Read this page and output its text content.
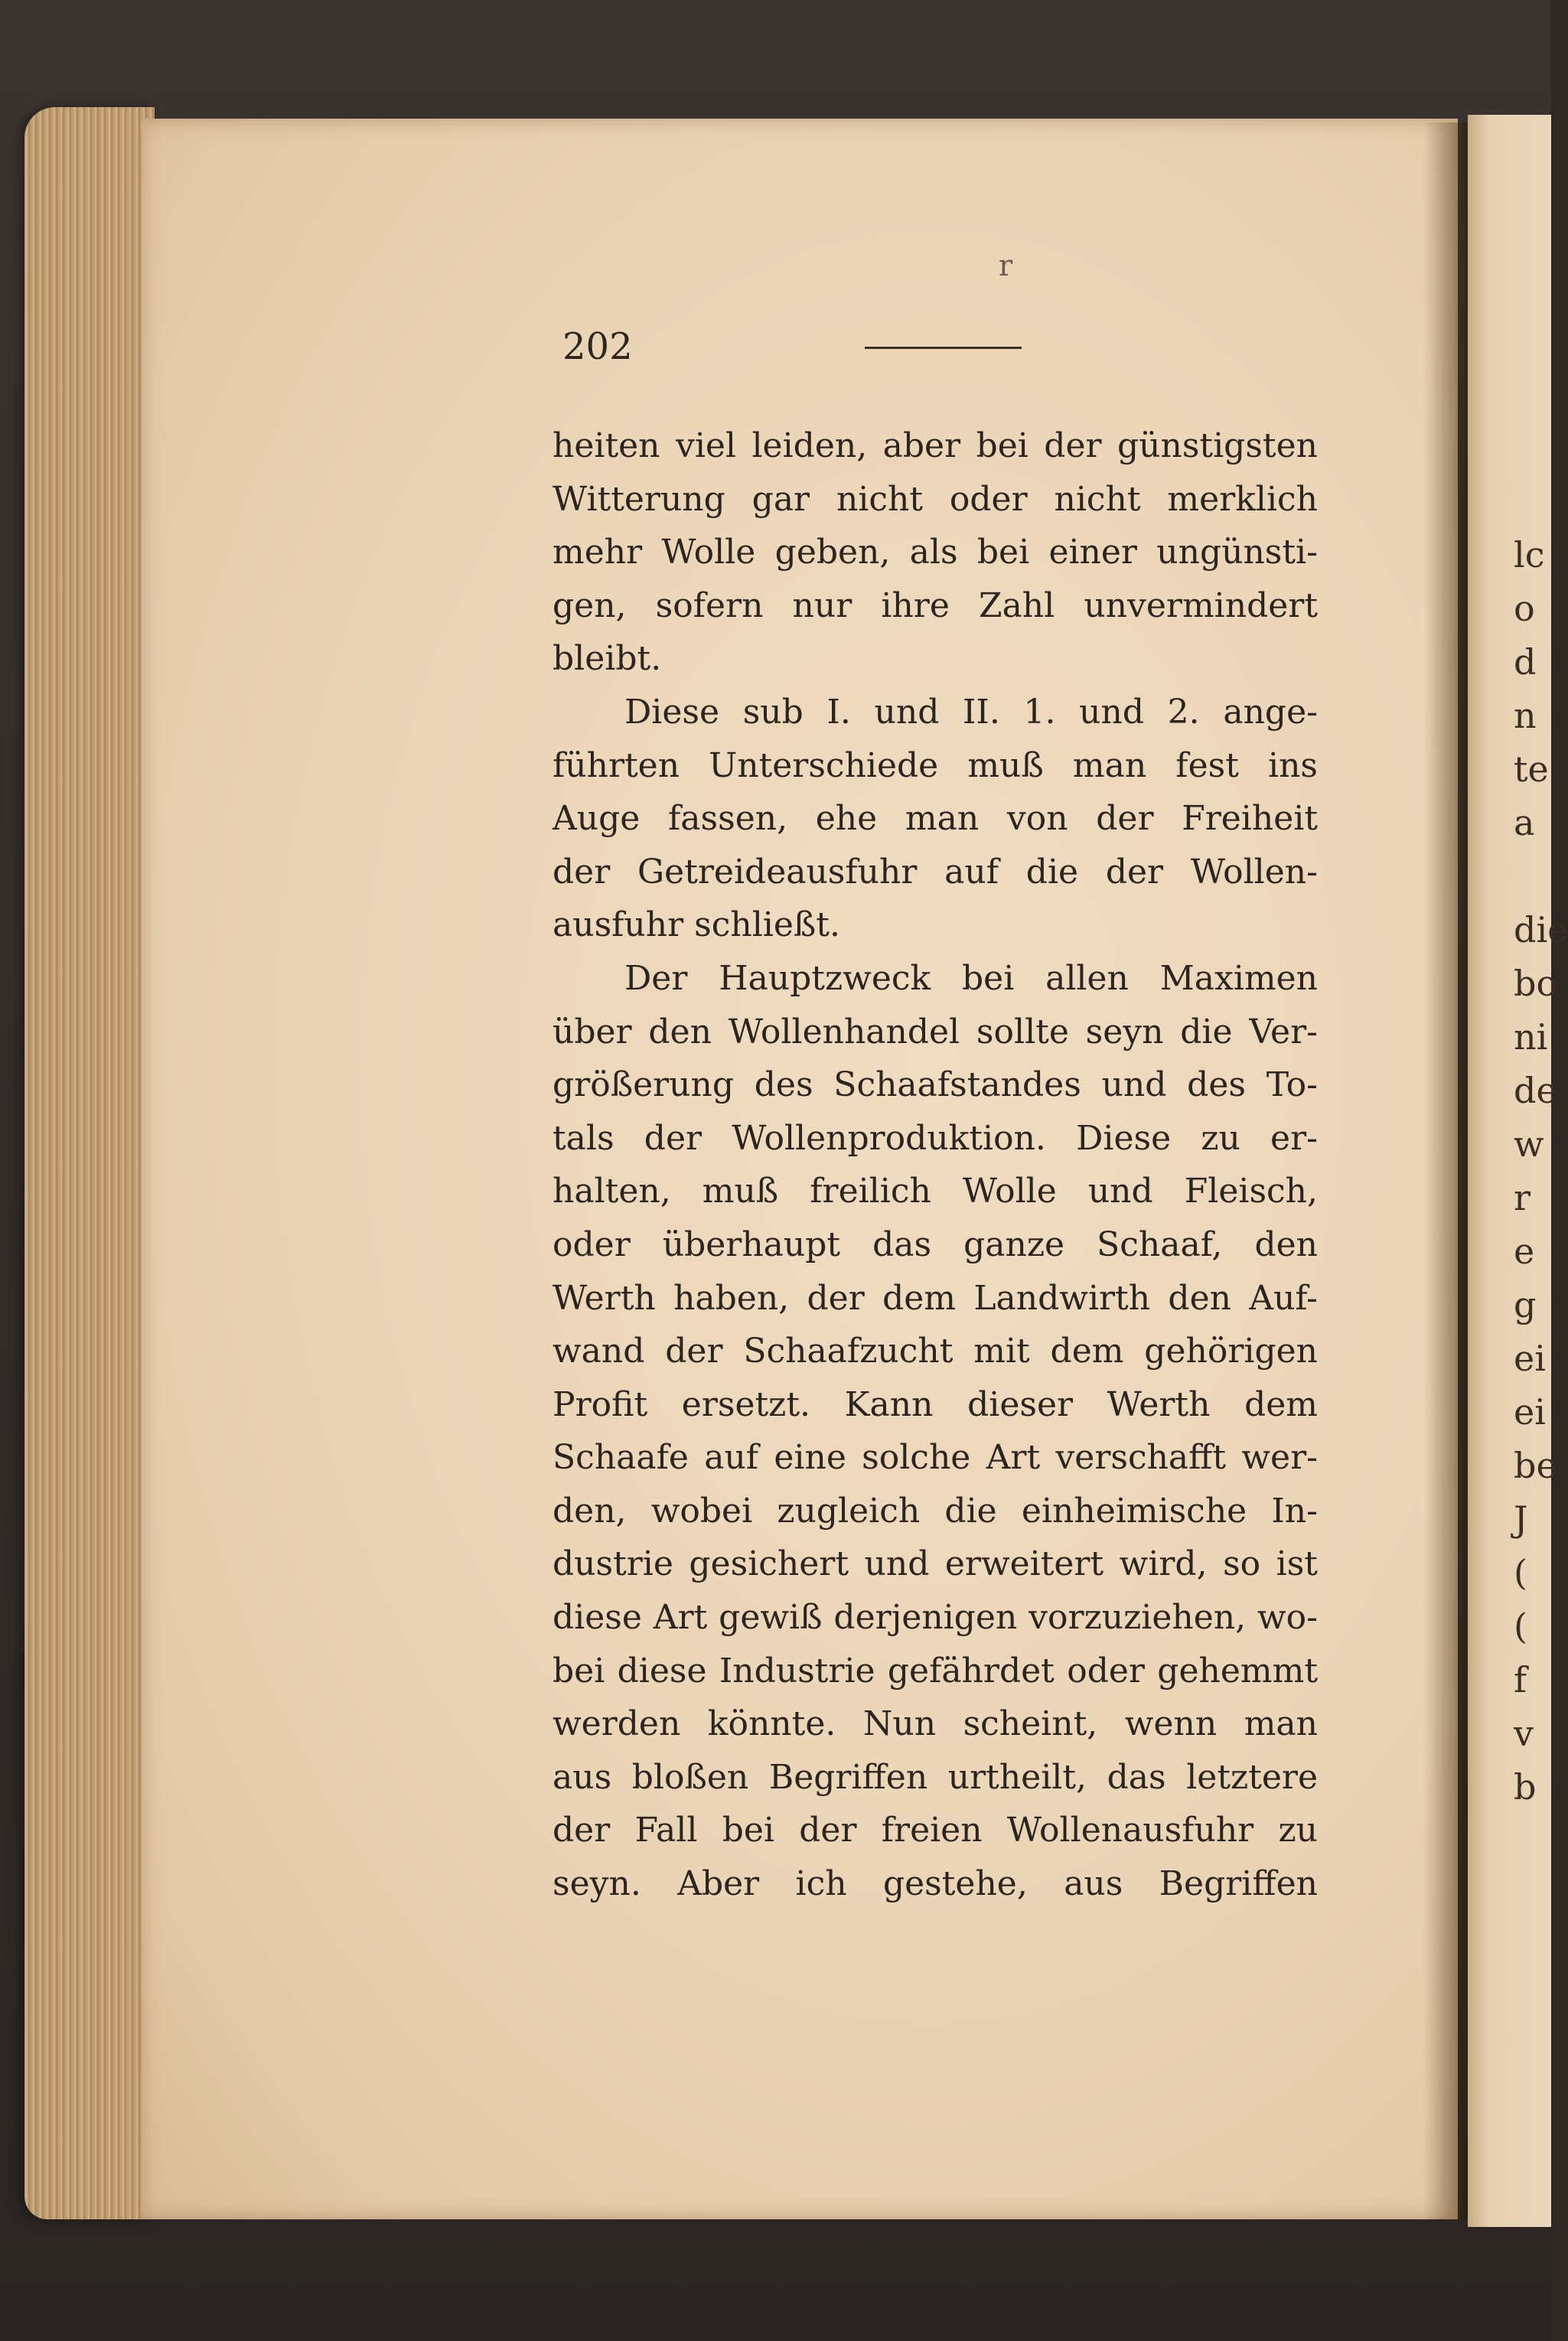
lc
o
d
n
te
a

die
bo
ni
de
w
r
e
g
ei
ei
be
J
(
(
f
v
b
r
202
heiten viel leiden, aber bei der günstigsten
Witterung gar nicht oder nicht merklich
mehr Wolle geben, als bei einer ungünsti-
gen, sofern nur ihre Zahl unvermindert
bleibt.
Diese sub I. und II. 1. und 2. ange-
führten Unterschiede muß man fest ins
Auge fassen, ehe man von der Freiheit
der Getreideausfuhr auf die der Wollen-
ausfuhr schließt.
Der Hauptzweck bei allen Maximen
über den Wollenhandel sollte seyn die Ver-
größerung des Schaafstandes und des To-
tals der Wollenproduktion. Diese zu er-
halten, muß freilich Wolle und Fleisch,
oder überhaupt das ganze Schaaf, den
Werth haben, der dem Landwirth den Auf-
wand der Schaafzucht mit dem gehörigen
Profit ersetzt. Kann dieser Werth dem
Schaafe auf eine solche Art verschafft wer-
den, wobei zugleich die einheimische In-
dustrie gesichert und erweitert wird, so ist
diese Art gewiß derjenigen vorzuziehen, wo-
bei diese Industrie gefährdet oder gehemmt
werden könnte. Nun scheint, wenn man
aus bloßen Begriffen urtheilt, das letztere
der Fall bei der freien Wollenausfuhr zu
seyn. Aber ich gestehe, aus Begriffen
